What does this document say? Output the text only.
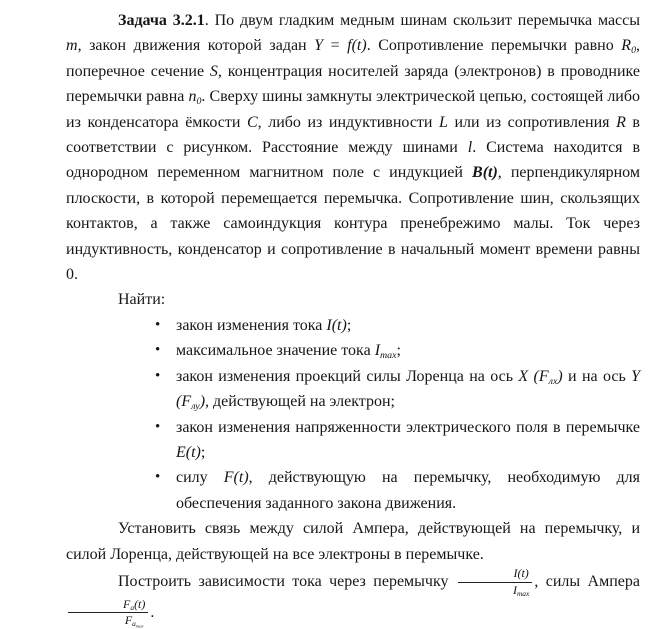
Задача 3.2.1. По двум гладким медным шинам скользит перемычка массы m, закон движения которой задан Y = f(t). Сопротивление перемычки равно $R_0$, поперечное сечение S, концентрация носителей заряда (электронов) в проводнике перемычки равна $n_0$. Сверху шины замкнуты электрической цепью, состоящей либо из конденсатора ёмкости C, либо из индуктивности L или из сопротивления R в соответствии с рисунком. Расстояние между шинами l. Система находится в однородном переменном магнитном поле с индукцией B(t), перпендикулярном плоскости, в которой перемещается перемычка. Сопротивление шин, скользящих контактов, а также самоиндукция контура пренебрежимо малы. Ток через индуктивность, конденсатор и сопротивление в начальный момент времени равны 0.

Найти:

• закон изменения тока I(t);
• максимальное значение тока $I_{max}$;
• закон изменения проекций силы Лоренца на ось X $(F_{лх})$ и на ось Y $(F_{лу})$, действующей на электрон;
• закон изменения напряженности электрического поля в перемычке E(t);
• силу F(t), действующую на перемычку, необходимую для обеспечения заданного закона движения.

Установить связь между силой Ампера, действующей на перемычку, и силой Лоренца, действующей на все электроны в перемычке.

Построить зависимости тока через перемычку $\frac{I(t)}{I_{max}}$ , силы Ампера
$\frac{F_а(t)}{F_{а_{max}}}$ .
